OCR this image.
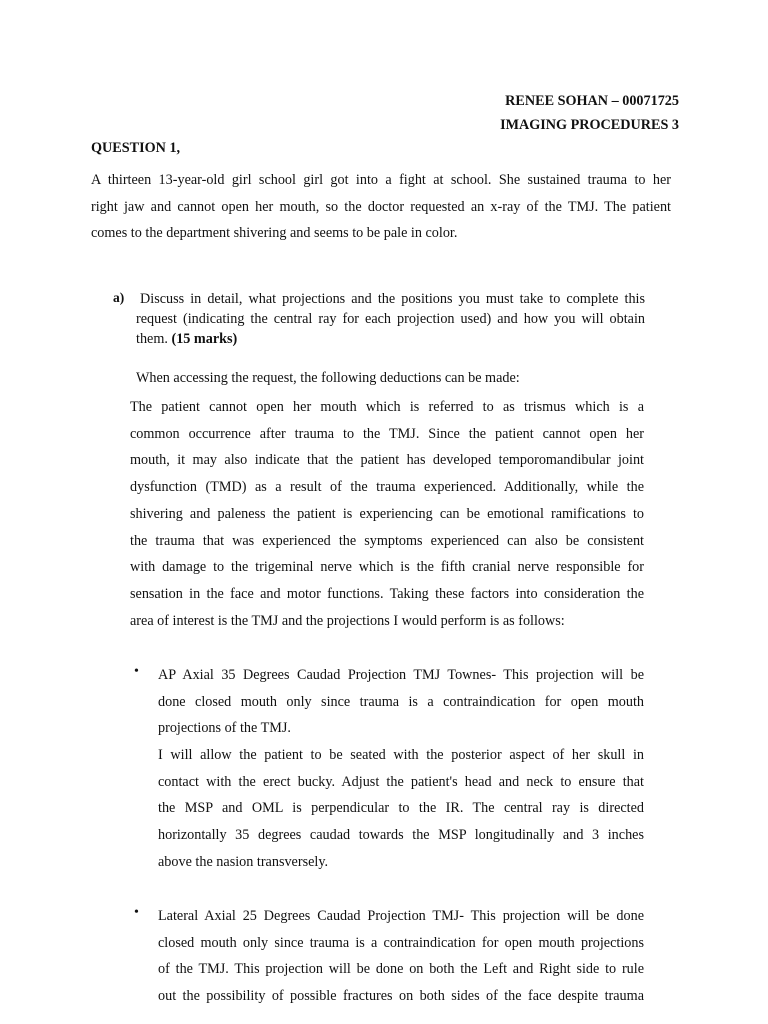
RENEE SOHAN – 00071725
IMAGING PROCEDURES 3
QUESTION 1,
A thirteen 13-year-old girl school girl got into a fight at school. She sustained trauma to her
right jaw and cannot open her mouth, so the doctor requested an x-ray of the TMJ. The patient
comes to the department shivering and seems to be pale in color.
a) Discuss in detail, what projections and the positions you must take to complete this
request (indicating the central ray for each projection used) and how you will obtain
them. (15 marks)
When accessing the request, the following deductions can be made:
The patient cannot open her mouth which is referred to as trismus which is a
common occurrence after trauma to the TMJ. Since the patient cannot open her
mouth, it may also indicate that the patient has developed temporomandibular joint
dysfunction (TMD) as a result of the trauma experienced. Additionally, while the
shivering and paleness the patient is experiencing can be emotional ramifications to
the trauma that was experienced the symptoms experienced can also be consistent
with damage to the trigeminal nerve which is the fifth cranial nerve responsible for
sensation in the face and motor functions. Taking these factors into consideration the
area of interest is the TMJ and the projections I would perform is as follows:
• AP Axial 35 Degrees Caudad Projection TMJ Townes- This projection will be
done closed mouth only since trauma is a contraindication for open mouth
projections of the TMJ.
I will allow the patient to be seated with the posterior aspect of her skull in
contact with the erect bucky. Adjust the patient's head and neck to ensure that
the MSP and OML is perpendicular to the IR. The central ray is directed
horizontally 35 degrees caudad towards the MSP longitudinally and 3 inches
above the nasion transversely.
• Lateral Axial 25 Degrees Caudad Projection TMJ- This projection will be done
closed mouth only since trauma is a contraindication for open mouth projections
of the TMJ. This projection will be done on both the Left and Right side to rule
out the possibility of possible fractures on both sides of the face despite trauma
